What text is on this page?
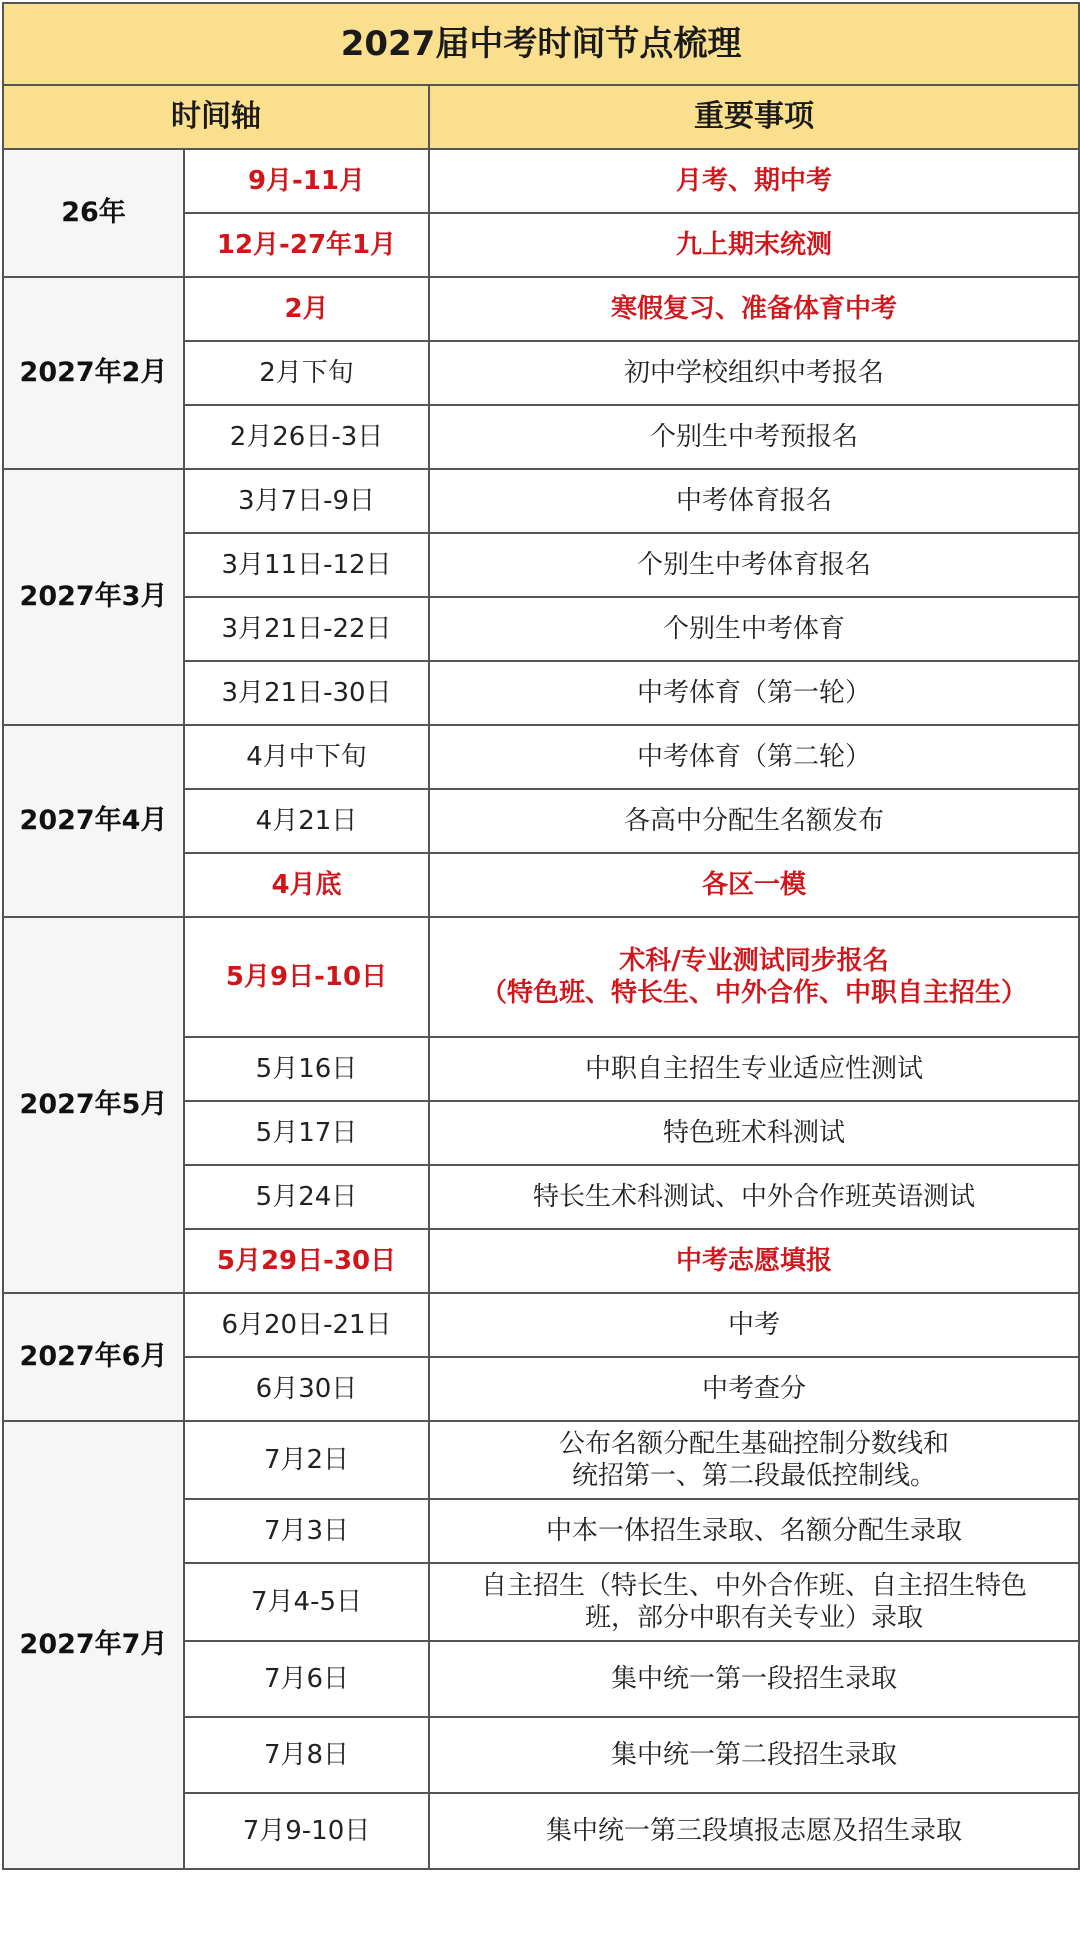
2027届中考时间节点梳理		
时间轴		重要事项
26年	9月-11月	月考、期中考

	12月-27年1月	九上期末统测

2027年2月	2月	寒假复习、准备体育中考

	2月下旬	初中学校组织中考报名

	2月26日-3日	个别生中考预报名

2027年3月	3月7日-9日	中考体育报名

	3月11日-12日	个别生中考体育报名

	3月21日-22日	个别生中考体育

	3月21日-30日	中考体育（第一轮）

2027年4月	4月中下旬	中考体育（第二轮）

	4月21日	各高中分配生名额发布

	4月底	各区一模

2027年5月	5月9日-10日	术科/专业测试同步报名
（特色班、特长生、中外合作、中职自主招生）

	5月16日	中职自主招生专业适应性测试

	5月17日	特色班术科测试

	5月24日	特长生术科测试、中外合作班英语测试

	5月29日-30日	中考志愿填报

2027年6月	6月20日-21日	中考

	6月30日	中考查分

2027年7月	7月2日	公布名额分配生基础控制分数线和
统招第一、第二段最低控制线。

	7月3日	中本一体招生录取、名额分配生录取

	7月4-5日	自主招生（特长生、中外合作班、自主招生特色
班，部分中职有关专业）录取

	7月6日	集中统一第一段招生录取

	7月8日	集中统一第二段招生录取

	7月9-10日	集中统一第三段填报志愿及招生录取
